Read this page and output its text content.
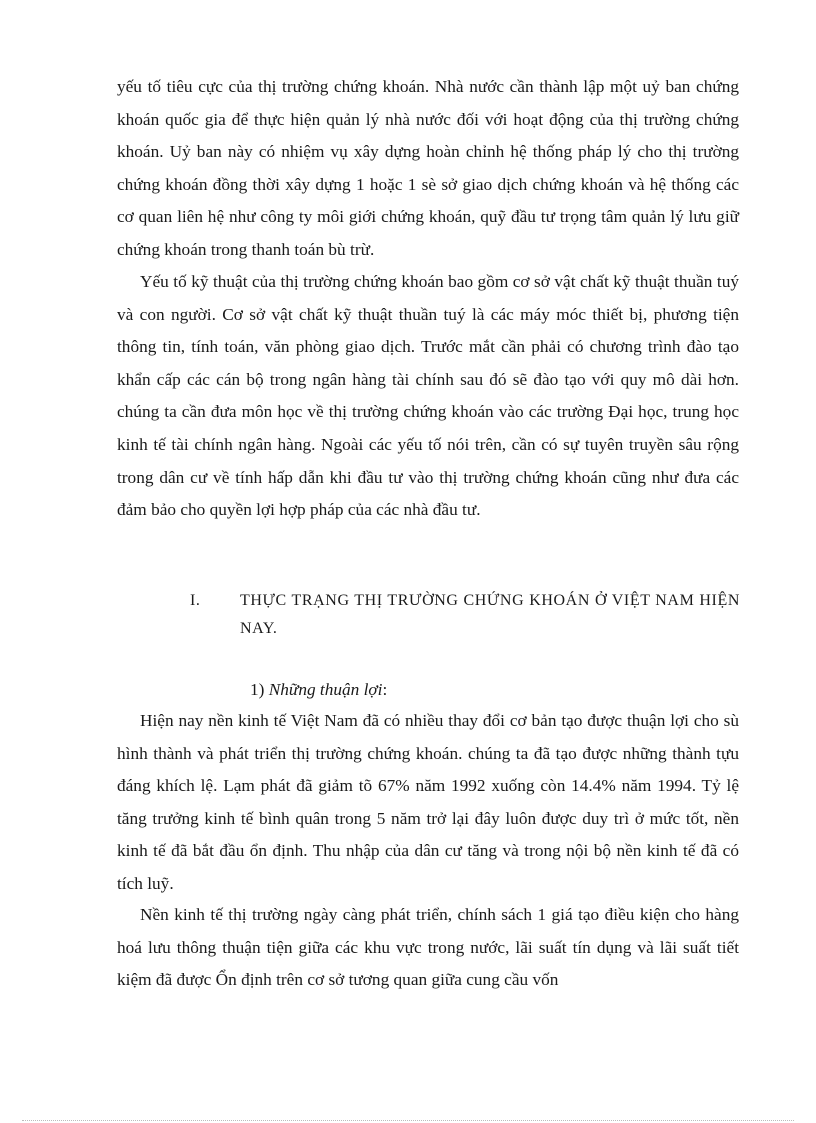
yếu tố tiêu cực của thị trường chứng khoán. Nhà nước cần thành lập một uỷ ban chứng khoán quốc gia để thực hiện quản lý nhà nước đối với hoạt động của thị trường chứng khoán. Uỷ ban này có nhiệm vụ xây dựng hoàn chỉnh hệ thống pháp lý cho thị trường chứng khoán đồng thời xây dựng 1 hoặc 1 sè sở giao dịch chứng khoán và hệ thống các cơ quan liên hệ như công ty môi giới chứng khoán, quỹ đầu tư trọng tâm quản lý lưu giữ chứng khoán trong thanh toán bù trừ.

Yếu tố kỹ thuật của thị trường chứng khoán bao gồm cơ sở vật chất kỹ thuật thuần tuý và con người. Cơ sở vật chất kỹ thuật thuần tuý là các máy móc thiết bị, phương tiện thông tin, tính toán, văn phòng giao dịch. Trước mắt cần phải có chương trình đào tạo khẩn cấp các cán bộ trong ngân hàng tài chính sau đó sẽ đào tạo với quy mô dài hơn. chúng ta cần đưa môn học về thị trường chứng khoán vào các trường Đại học, trung học kinh tế tài chính ngân hàng. Ngoài các yếu tố nói trên, cần có sự tuyên truyền sâu rộng trong dân cư về tính hấp dẫn khi đầu tư vào thị trường chứng khoán cũng như đưa các đảm bảo cho quyền lợi hợp pháp của các nhà đầu tư.

I. THỰC TRẠNG THỊ TRƯỜNG CHỨNG KHOÁN Ở VIỆT NAM HIỆN NAY.
1) Những thuận lợi:

Hiện nay nền kinh tế Việt Nam đã có nhiều thay đổi cơ bản tạo được thuận lợi cho sù hình thành và phát triển thị trường chứng khoán. chúng ta đã tạo được những thành tựu đáng khích lệ. Lạm phát đã giảm tõ 67% năm 1992 xuống còn 14.4% năm 1994. Tỷ lệ tăng trưởng kinh tế bình quân trong 5 năm trở lại đây luôn được duy trì ở mức tốt, nền kinh tế đã bắt đầu ổn định. Thu nhập của dân cư tăng và trong nội bộ nền kinh tế đã có tích luỹ.

Nền kinh tế thị trường ngày càng phát triển, chính sách 1 giá tạo điều kiện cho hàng hoá lưu thông thuận tiện giữa các khu vực trong nước, lãi suất tín dụng và lãi suất tiết kiệm đã được Ổn định trên cơ sở tương quan giữa cung cầu vốn
